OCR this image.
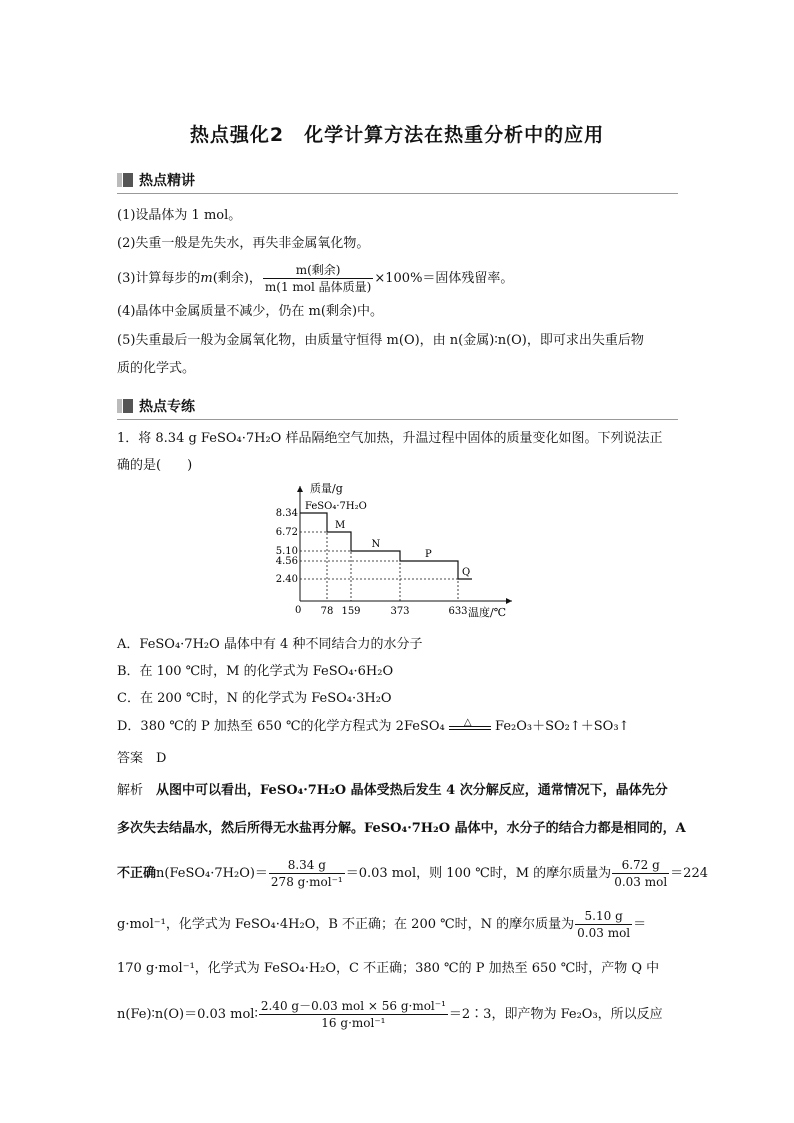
热点强化2　化学计算方法在热重分析中的应用
热点精讲
(1)设晶体为 1 mol。
(2)失重一般是先失水，再失非金属氧化物。
(3)计算每步的m(剩余)， $\frac{\text{m(剩余)}}{\text{m(1 mol 晶体质量)}} \times 100\%=$固体残留率。
(4)晶体中金属质量不减少，仍在 m(剩余)中。
(5)失重最后一般为金属氧化物，由质量守恒得 m(O)，由 n(金属)∶n(O)，即可求出失重后物
质的化学式。
热点专练
1．将 8.34 g FeSO₄·7H₂O 样品隔绝空气加热，升温过程中固体的质量变化如图。下列说法正
确的是(　　)
质量/g
温度/℃
0 78 159	373	633
8.34
6.72
5.10
4.56
2.40
FeSO₄·7H₂O
M
N
P
Q
A．FeSO₄·7H₂O 晶体中有 4 种不同结合力的水分子
B．在 100 ℃时，M 的化学式为 FeSO₄·6H₂O
C．在 200 ℃时，N 的化学式为 FeSO₄·3H₂O
D．380 ℃的 P 加热至 650 ℃的化学方程式为 2FeSO₄ △ Fe₂O₃＋SO₂↑＋SO₃↑
答案　 D
解析　 从图中可以看出，FeSO₄·7H₂O 晶体受热后发生 4 次分解反应，通常情况下，晶体先分
多次失去结晶水，然后所得无水盐再分解。FeSO₄·7H₂O 晶体中，水分子的结合力都是相同的，A
不正确n(FeSO₄·7H₂O)＝ $\frac{8.34 g}{\text{278 g·mol⁻¹}} =0.03$ mol，则 100 ℃时，M 的摩尔质量为 $\frac{6.72 g}{\text{0.03 mol}} =224$
g·mol⁻¹，化学式为 FeSO₄·4H₂O，B 不正确；在 200 ℃时，N 的摩尔质量为 $\frac{5.10 g}{\text{0.03 mol}}$ ＝
170 g·mol⁻¹，化学式为 FeSO₄·H₂O，C 不正确；380 ℃的 P 加热至 650 ℃时，产物 Q 中
n(Fe)∶n(O)＝0.03 mol∶ $\frac{\text{2.40 g－0.03 mol × 56 g·mol⁻¹}}{\text{16 g·mol⁻¹}}$ ＝2∶3，即产物为 Fe₂O₃，所以反应
